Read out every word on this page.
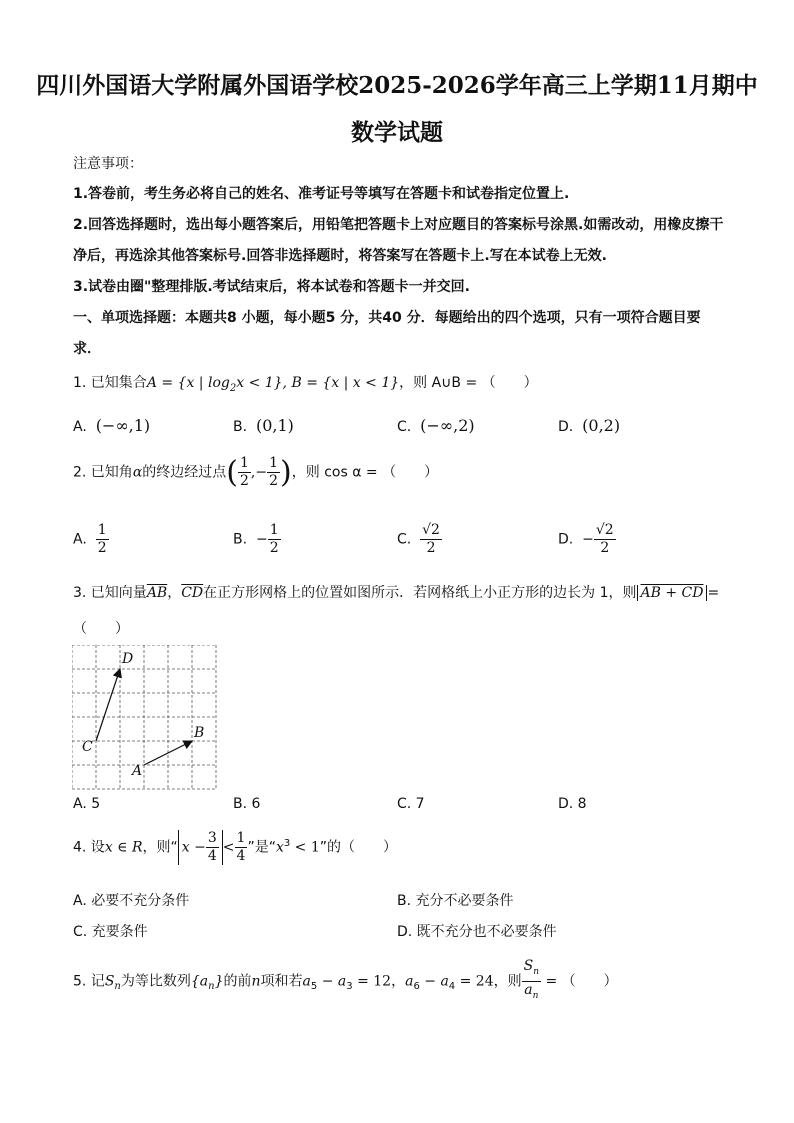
四川外国语大学附属外国语学校2025-2026学年高三上学期11月期中
数学试题
注意事项：
1.答卷前，考生务必将自己的姓名、准考证号等填写在答题卡和试卷指定位置上.
2.回答选择题时，选出每小题答案后，用铅笔把答题卡上对应题目的答案标号涂黑.如需改动，用橡皮擦干
净后，再选涂其他答案标号.回答非选择题时，将答案写在答题卡上.写在本试卷上无效.
3.试卷由圈"整理排版.考试结束后，将本试卷和答题卡一并交回.
一、单项选择题：本题共8 小题，每小题5 分，共40 分．每题给出的四个选项，只有一项符合题目要
求．
1. 已知集合A = {x | $\log_2x < 1$}, B = {x | x < 1}，则 A∪B = （　　）
A. (−∞,1)	B. (0,1)	C. (−∞,2)	D. (0,2)
2. 已知角α的终边经过点( $\frac{1}{2}$ ,− $\frac{1}{2}$ )，则 cos α = （　　）
A. $\frac{1}{2}$	B. − $\frac{1}{2}$	C. $\frac{√2}{2}$	D. − $\frac{√2}{2}$
3. 已知向量$\overline{AB}$，$\overline{CD}$在正方形网格上的位置如图所示．若网格纸上小正方形的边长为 1，则 AB + CD =
（　　）
D
C
B
A
A. 5	B. 6	C. 7	D. 8
4. 设x ∈ R，则“ $x - \frac{3}{4} < \frac{1}{4}$ ”是“$x^3 < 1$”的（　　）
A. 必要不充分条件	B. 充分不必要条件
C. 充要条件	D. 既不充分也不必要条件
5. 记$S_n$为等比数列$\{a_n\}$的前n项和若$a_5 - a_3 = 12$，$a_6 - a_4 = 24$，则 $\frac{S_n}{a_n}$ = （　　）
